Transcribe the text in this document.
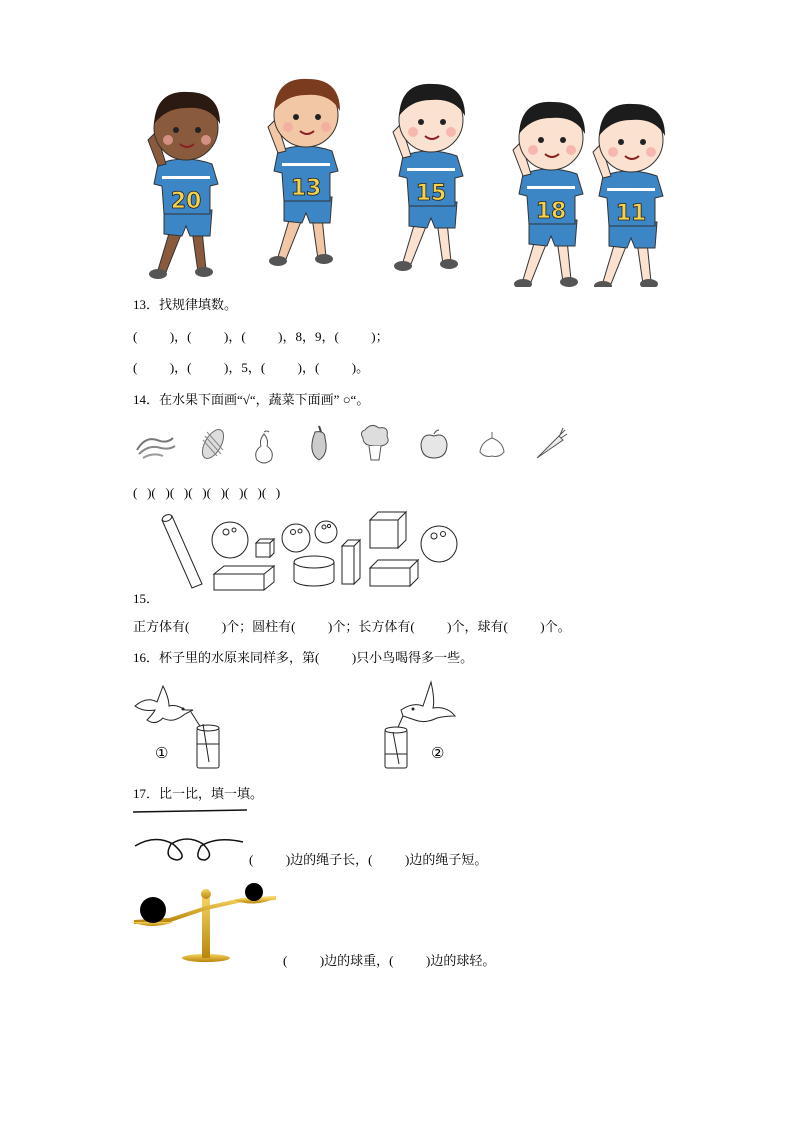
20
13	15
18 11
13．找规律填数。
(          )，(          )，(          )，8，9，(          )；
(          )，(          )，5，(          )，(          )。
14．在水果下面画“√“，蔬菜下面画” ○“。
(   )(   )(   )(   )(   )(   )(   )(   )
15．
正方体有(          )个；圆柱有(          )个；长方体有(          )个，球有(          )个。
16．杯子里的水原来同样多，第(          )只小鸟喝得多一些。
①	②
17．比一比，填一填。
(          )边的绳子长，(          )边的绳子短。
(          )边的球重，(          )边的球轻。
